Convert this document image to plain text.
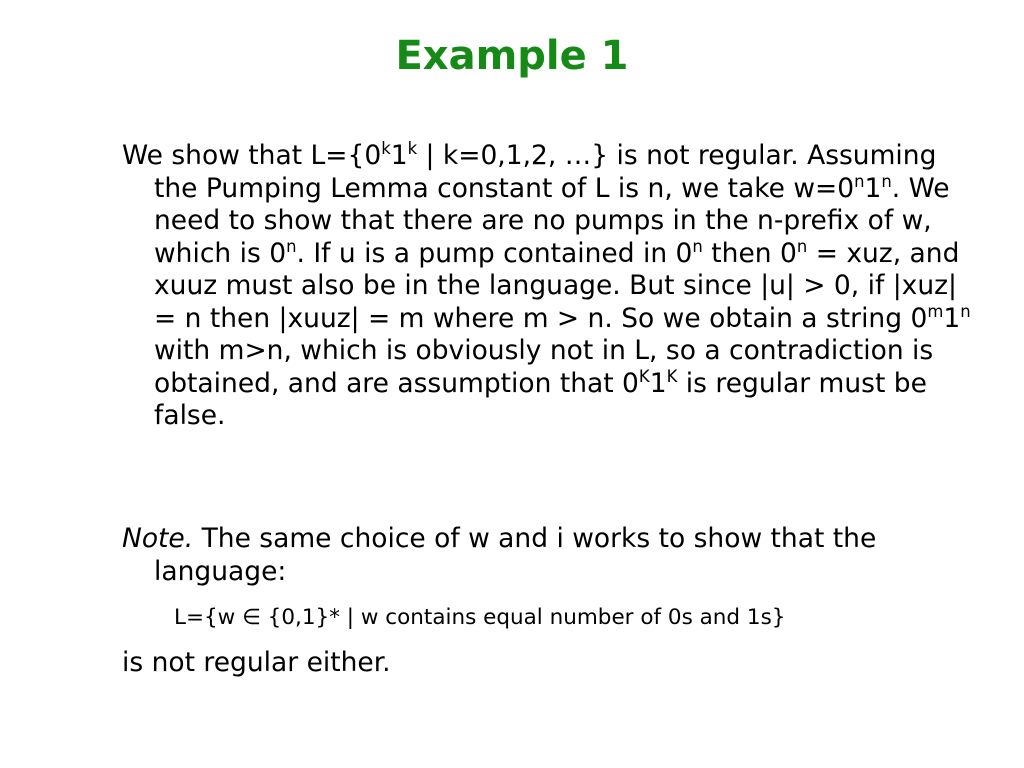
Example 1

We show that $L=\{0^k1^k$ | k=0,1,2, …} is not regular. Assuming the Pumping Lemma constant of L is n, we take $w=0^n1^n$. We need to show that there are no pumps in the n-prefix of w, which is 0$^n$. If u is a pump contained in 0$^n$ then $0^n$ = xuz, and xuuz must also be in the language. But since |u| > 0, if |xuz| = n then |xuuz| = m where m > n. So we obtain a string 0$^m$1$^n$ with m>n, which is obviously not in L, so a contradiction is obtained, and are assumption that $0^K1^K$ is regular must be false.

Note. The same choice of w and i works to show that the language:

L={w ∈ {0,1}* | w contains equal number of 0s and 1s}

is not regular either.
